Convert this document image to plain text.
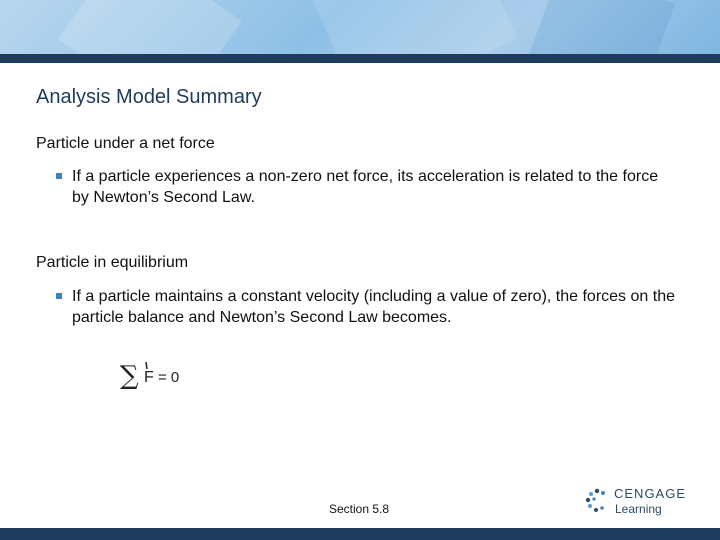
Analysis Model Summary
Particle under a net force
If a particle experiences a non-zero net force, its acceleration is related to the force by Newton’s Second Law.
Particle in equilibrium
If a particle maintains a constant velocity (including a value of zero), the forces on the particle balance and Newton’s Second Law becomes.
∑ F = 0
Section 5.8
CENGAGE
Learning
